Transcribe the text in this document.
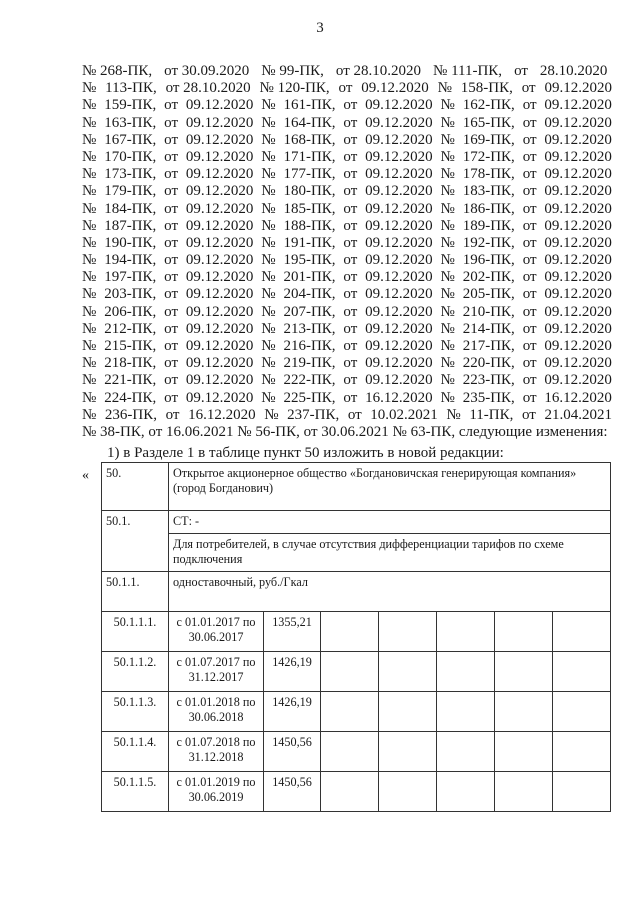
3
№ 268-ПК, от 30.09.2020 № 99-ПК, от 28.10.2020 № 111-ПК, от 28.10.2020
№ 113-ПК, от 28.10.2020 № 120-ПК, от 09.12.2020 № 158-ПК, от 09.12.2020
№ 159-ПК, от 09.12.2020 № 161-ПК, от 09.12.2020 № 162-ПК, от 09.12.2020
№ 163-ПК, от 09.12.2020 № 164-ПК, от 09.12.2020 № 165-ПК, от 09.12.2020
№ 167-ПК, от 09.12.2020 № 168-ПК, от 09.12.2020 № 169-ПК, от 09.12.2020
№ 170-ПК, от 09.12.2020 № 171-ПК, от 09.12.2020 № 172-ПК, от 09.12.2020
№ 173-ПК, от 09.12.2020 № 177-ПК, от 09.12.2020 № 178-ПК, от 09.12.2020
№ 179-ПК, от 09.12.2020 № 180-ПК, от 09.12.2020 № 183-ПК, от 09.12.2020
№ 184-ПК, от 09.12.2020 № 185-ПК, от 09.12.2020 № 186-ПК, от 09.12.2020
№ 187-ПК, от 09.12.2020 № 188-ПК, от 09.12.2020 № 189-ПК, от 09.12.2020
№ 190-ПК, от 09.12.2020 № 191-ПК, от 09.12.2020 № 192-ПК, от 09.12.2020
№ 194-ПК, от 09.12.2020 № 195-ПК, от 09.12.2020 № 196-ПК, от 09.12.2020
№ 197-ПК, от 09.12.2020 № 201-ПК, от 09.12.2020 № 202-ПК, от 09.12.2020
№ 203-ПК, от 09.12.2020 № 204-ПК, от 09.12.2020 № 205-ПК, от 09.12.2020
№ 206-ПК, от 09.12.2020 № 207-ПК, от 09.12.2020 № 210-ПК, от 09.12.2020
№ 212-ПК, от 09.12.2020 № 213-ПК, от 09.12.2020 № 214-ПК, от 09.12.2020
№ 215-ПК, от 09.12.2020 № 216-ПК, от 09.12.2020 № 217-ПК, от 09.12.2020
№ 218-ПК, от 09.12.2020 № 219-ПК, от 09.12.2020 № 220-ПК, от 09.12.2020
№ 221-ПК, от 09.12.2020 № 222-ПК, от 09.12.2020 № 223-ПК, от 09.12.2020
№ 224-ПК, от 09.12.2020 № 225-ПК, от 16.12.2020 № 235-ПК, от 16.12.2020
№ 236-ПК, от 16.12.2020 № 237-ПК, от 10.02.2021 № 11-ПК, от 21.04.2021
№ 38-ПК, от 16.06.2021 № 56-ПК, от 30.06.2021 № 63-ПК, следующие изменения:
1) в Разделе 1 в таблице пункт 50 изложить в новой редакции:
« 50.	Открытое акционерное общество «Богдановичская генерирующая компания» (город Богданович)						
50.1.	СТ: -						
	Для потребителей, в случае отсутствия дифференциации тарифов по схеме подключения						
50.1.1.	одноставочный, руб./Гкал						
50.1.1.1.	с 01.01.2017 по 30.06.2017	1355,21					
50.1.1.2.	с 01.07.2017 по 31.12.2017	1426,19					
50.1.1.3.	с 01.01.2018 по 30.06.2018	1426,19					
50.1.1.4.	с 01.07.2018 по 31.12.2018	1450,56					
50.1.1.5.	с 01.01.2019 по 30.06.2019	1450,56					
